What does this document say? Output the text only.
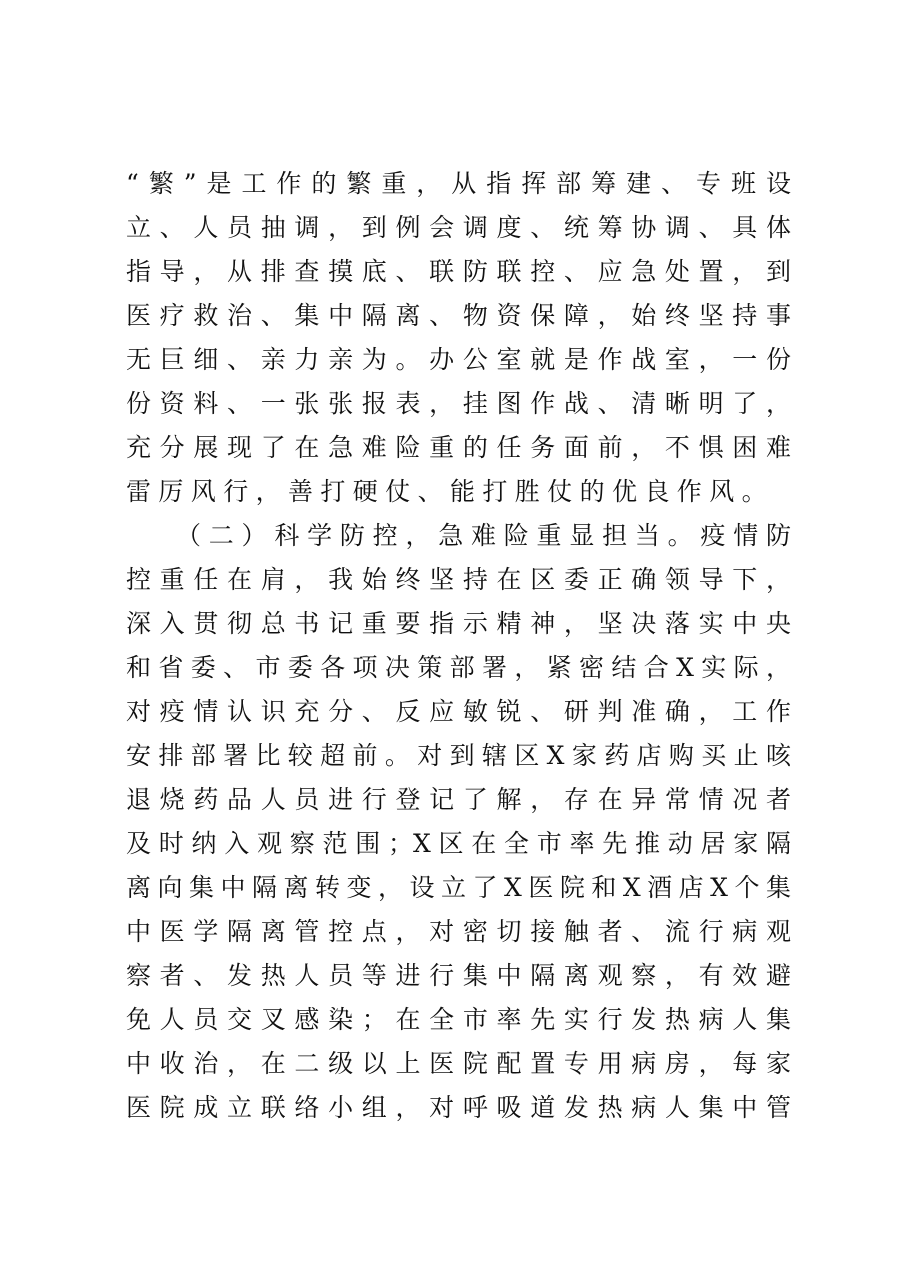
“繁”是工作的繁重，从指挥部筹建、专班设
立、人员抽调，到例会调度、统筹协调、具体
指导，从排查摸底、联防联控、应急处置，到
医疗救治、集中隔离、物资保障，始终坚持事
无巨细、亲力亲为。办公室就是作战室，一份
份资料、一张张报表，挂图作战、清晰明了，
充分展现了在急难险重的任务面前，不惧困难
雷厉风行，善打硬仗、能打胜仗的优良作风。
（二）科学防控，急难险重显担当。疫情防
控重任在肩，我始终坚持在区委正确领导下，
深入贯彻总书记重要指示精神，坚决落实中央
和省委、市委各项决策部署，紧密结合X实际，
对疫情认识充分、反应敏锐、研判准确，工作
安排部署比较超前。对到辖区X家药店购买止咳
退烧药品人员进行登记了解，存在异常情况者
及时纳入观察范围；X区在全市率先推动居家隔
离向集中隔离转变，设立了X医院和X酒店X个集
中医学隔离管控点，对密切接触者、流行病观
察者、发热人员等进行集中隔离观察，有效避
免人员交叉感染；在全市率先实行发热病人集
中收治，在二级以上医院配置专用病房，每家
医院成立联络小组，对呼吸道发热病人集中管
